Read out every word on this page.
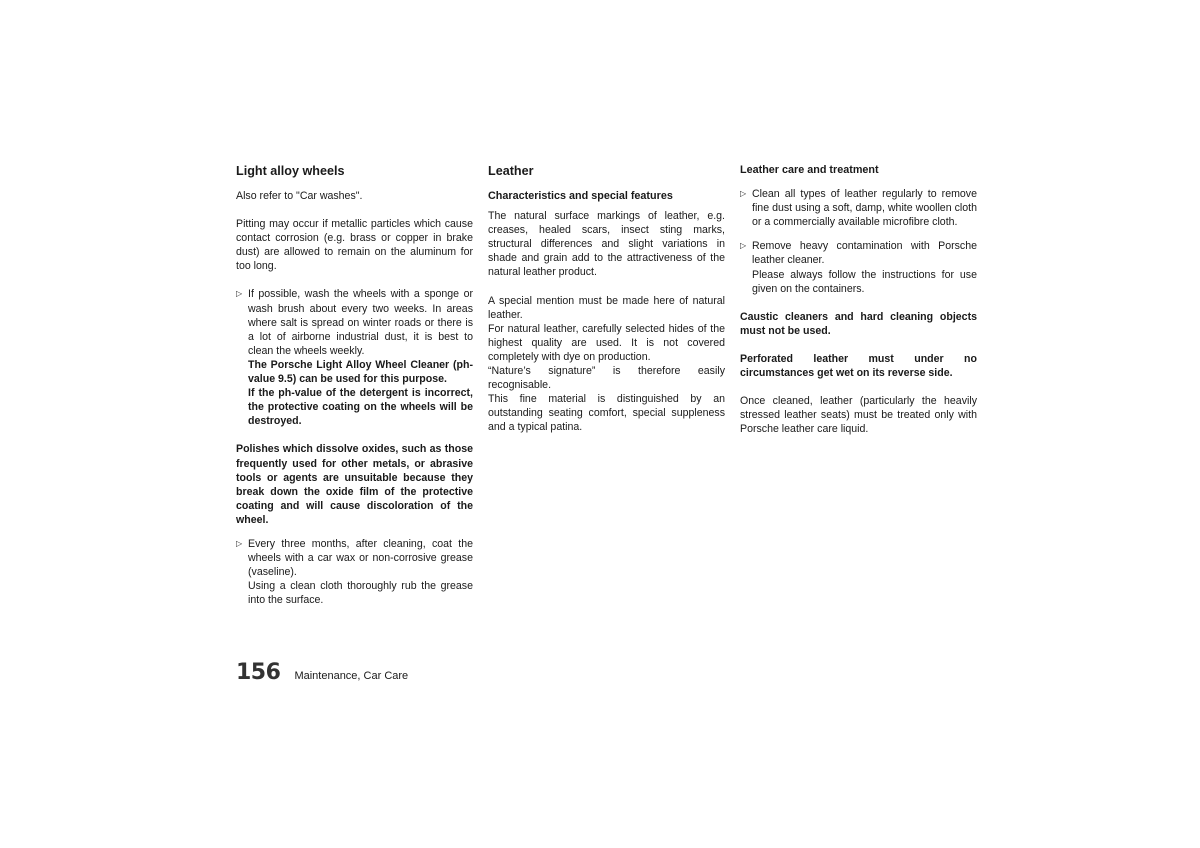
Light alloy wheels

Also refer to "Car washes".

Pitting may occur if metallic particles which cause contact corrosion (e.g. brass or copper in brake dust) are allowed to remain on the aluminum for too long.

▷ If possible, wash the wheels with a sponge or wash brush about every two weeks. In areas where salt is spread on winter roads or there is a lot of airborne industrial dust, it is best to clean the wheels weekly.

The Porsche Light Alloy Wheel Cleaner (ph-value 9.5) can be used for this purpose.

If the ph-value of the detergent is incorrect, the protective coating on the wheels will be destroyed.

Polishes which dissolve oxides, such as those frequently used for other metals, or abrasive tools or agents are unsuitable because they break down the oxide film of the protective coating and will cause discoloration of the wheel.

▷ Every three months, after cleaning, coat the wheels with a car wax or non-corrosive grease (vaseline).

Using a clean cloth thoroughly rub the grease into the surface.

Leather
Characteristics and special features

The natural surface markings of leather, e.g. creases, healed scars, insect sting marks, structural differences and slight variations in shade and grain add to the attractiveness of the natural leather product.

A special mention must be made here of natural leather.

For natural leather, carefully selected hides of the highest quality are used. It is not covered completely with dye on production.

“Nature’s signature” is therefore easily recognisable.

This fine material is distinguished by an outstanding seating comfort, special suppleness and a typical patina.

Leather care and treatment
▷ Clean all types of leather regularly to remove fine dust using a soft, damp, white woollen cloth or a commercially available microfibre cloth.

▷ Remove heavy contamination with Porsche leather cleaner.

Please always follow the instructions for use given on the containers.

Caustic cleaners and hard cleaning objects must not be used.

Perforated leather must under no circumstances get wet on its reverse side.

Once cleaned, leather (particularly the heavily stressed leather seats) must be treated only with Porsche leather care liquid.

156 Maintenance, Car Care
